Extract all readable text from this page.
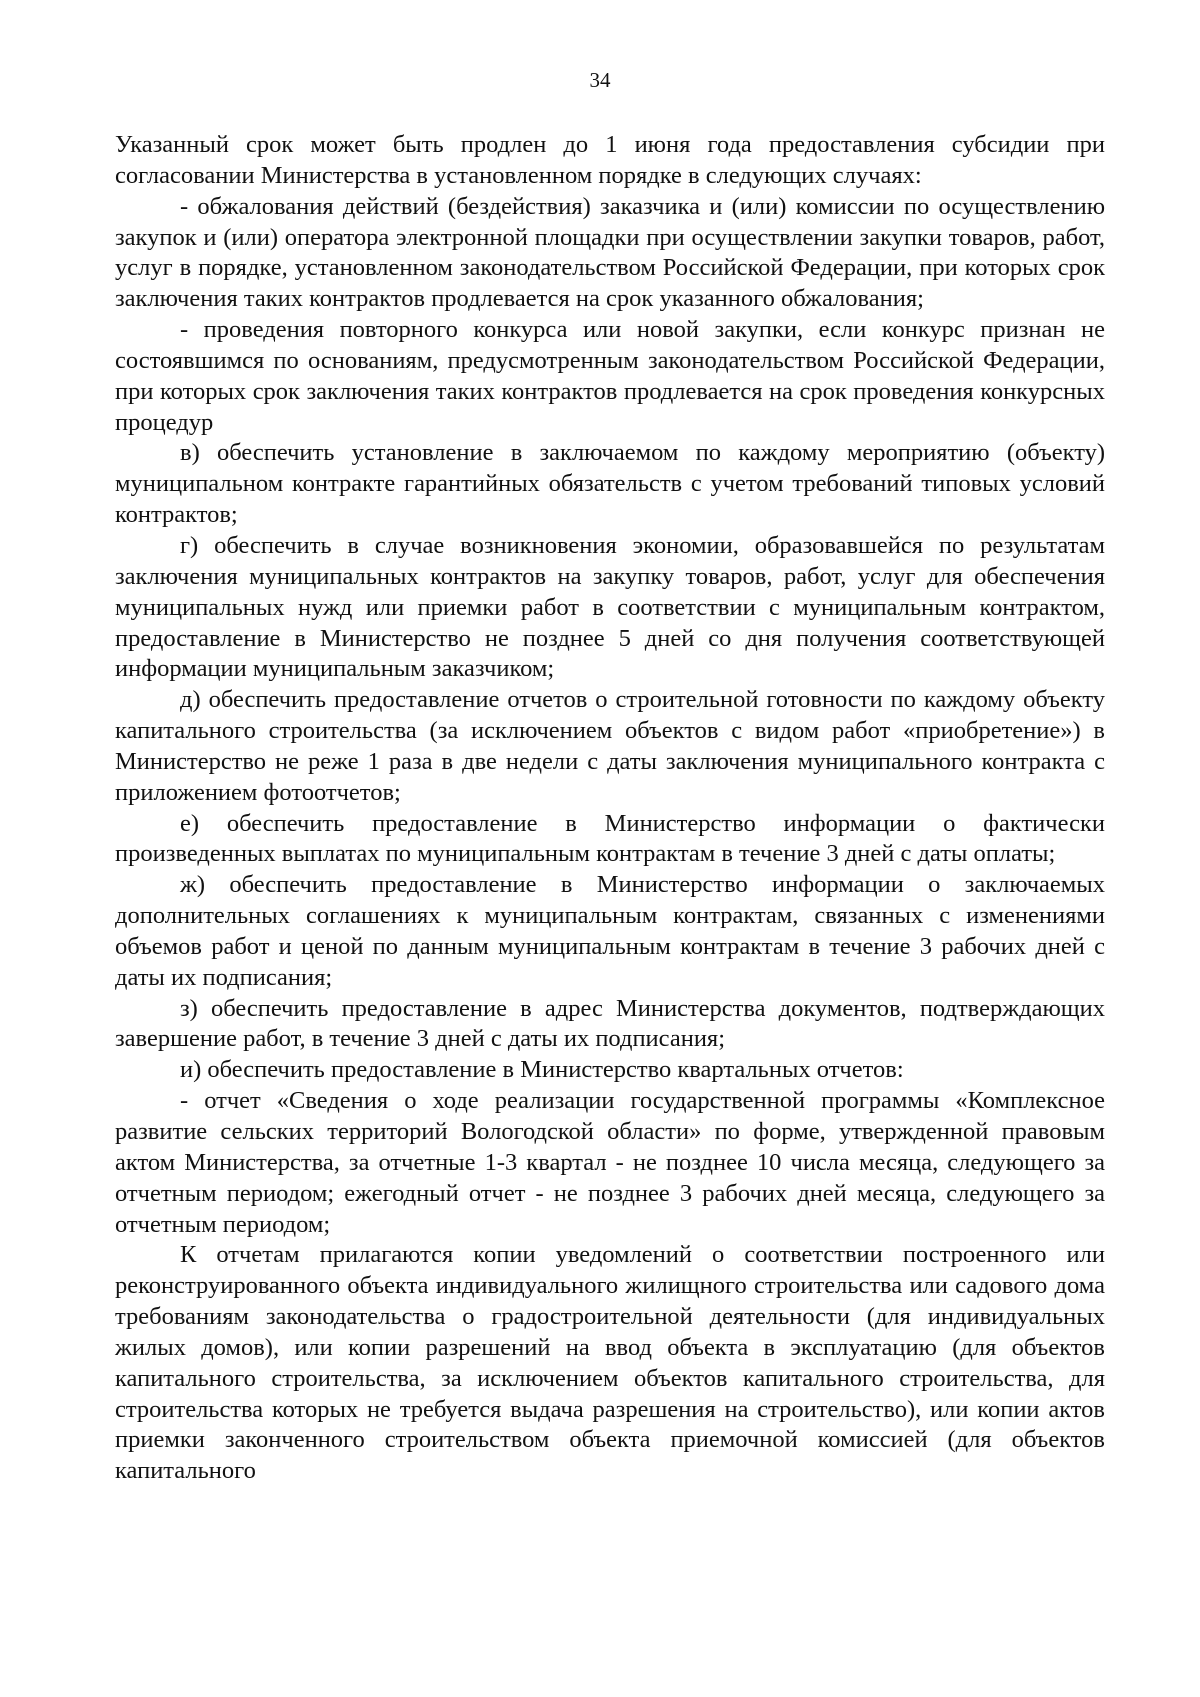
34

Указанный срок может быть продлен до 1 июня года предоставления субсидии при согласовании Министерства в установленном порядке в следующих случаях:

- обжалования действий (бездействия) заказчика и (или) комиссии по осуществлению закупок и (или) оператора электронной площадки при осуществлении закупки товаров, работ, услуг в порядке, установленном законодательством Российской Федерации, при которых срок заключения таких контрактов продлевается на срок указанного обжалования;

- проведения повторного конкурса или новой закупки, если конкурс признан не состоявшимся по основаниям, предусмотренным законодательством Российской Федерации, при которых срок заключения таких контрактов продлевается на срок проведения конкурсных процедур

в) обеспечить установление в заключаемом по каждому мероприятию (объекту) муниципальном контракте гарантийных обязательств с учетом требований типовых условий контрактов;

г) обеспечить в случае возникновения экономии, образовавшейся по результатам заключения муниципальных контрактов на закупку товаров, работ, услуг для обеспечения муниципальных нужд или приемки работ в соответствии с муниципальным контрактом, предоставление в Министерство не позднее 5 дней со дня получения соответствующей информации муниципальным заказчиком;

д) обеспечить предоставление отчетов о строительной готовности по каждому объекту капитального строительства (за исключением объектов с видом работ «приобретение») в Министерство не реже 1 раза в две недели с даты заключения муниципального контракта с приложением фотоотчетов;

е) обеспечить предоставление в Министерство информации о фактически произведенных выплатах по муниципальным контрактам в течение 3 дней с даты оплаты;

ж) обеспечить предоставление в Министерство информации о заключаемых дополнительных соглашениях к муниципальным контрактам, связанных с изменениями объемов работ и ценой по данным муниципальным контрактам в течение 3 рабочих дней с даты их подписания;

з) обеспечить предоставление в адрес Министерства документов, подтверждающих завершение работ, в течение 3 дней с даты их подписания;

и) обеспечить предоставление в Министерство квартальных отчетов:

- отчет «Сведения о ходе реализации государственной программы «Комплексное развитие сельских территорий Вологодской области» по форме, утвержденной правовым актом Министерства, за отчетные 1-3 квартал - не позднее 10 числа месяца, следующего за отчетным периодом; ежегодный отчет - не позднее 3 рабочих дней месяца, следующего за отчетным периодом;

К отчетам прилагаются копии уведомлений о соответствии построенного или реконструированного объекта индивидуального жилищного строительства или садового дома требованиям законодательства о градостроительной деятельности (для индивидуальных жилых домов), или копии разрешений на ввод объекта в эксплуатацию (для объектов капитального строительства, за исключением объектов капитального строительства, для строительства которых не требуется выдача разрешения на строительство), или копии актов приемки законченного строительством объекта приемочной комиссией (для объектов капитального
